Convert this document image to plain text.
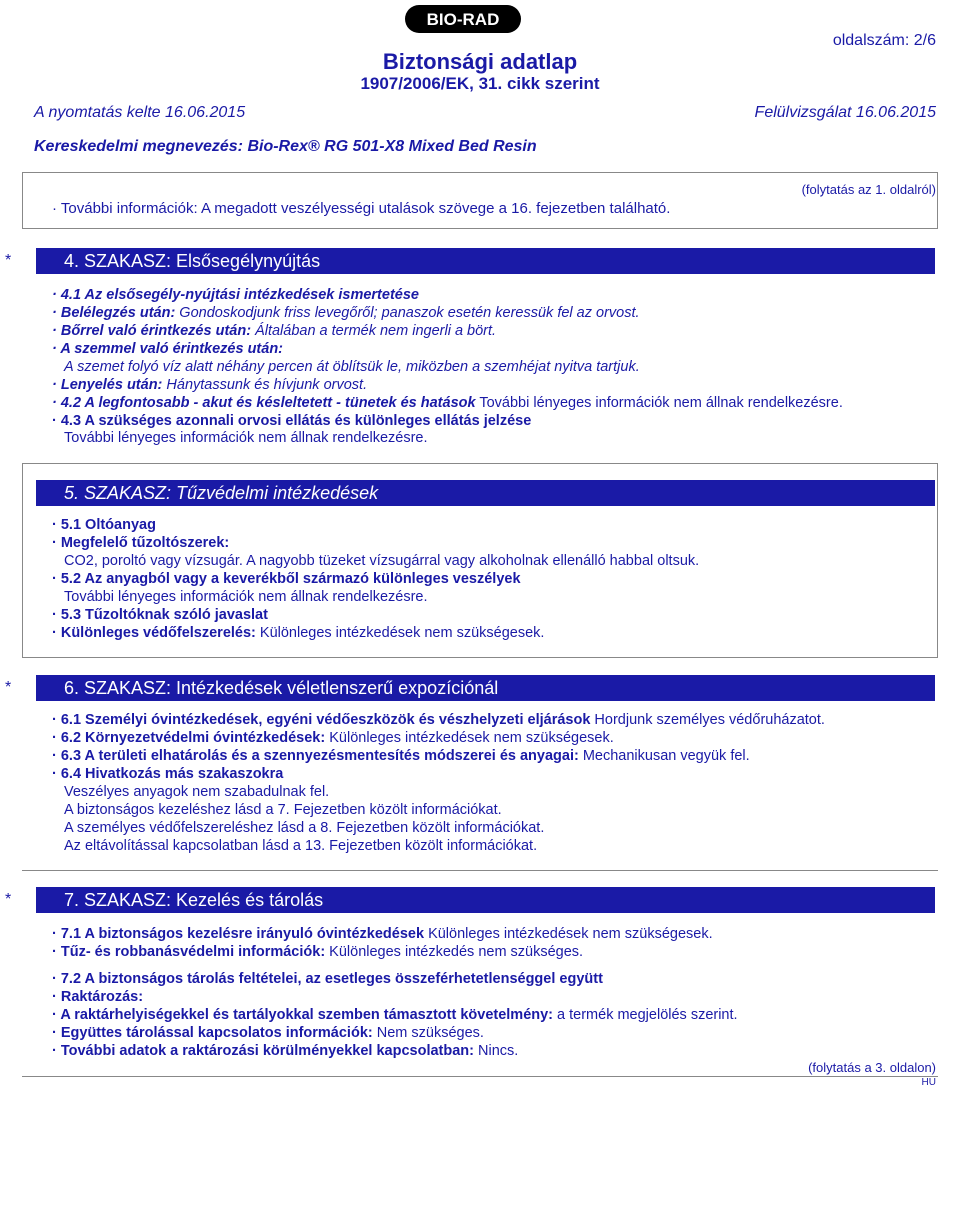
BIO-RAD
Biztonsági adatlap
1907/2006/EK, 31. cikk szerint
oldalszám: 2/6
A nyomtatás kelte 16.06.2015	Felülvizsgálat 16.06.2015
Kereskedelmi megnevezés: Bio-Rex® RG 501-X8 Mixed Bed Resin
(folytatás az 1. oldalról)
· További információk: A megadott veszélyességi utalások szövege a 16. fejezetben található.
*	4. SZAKASZ: Elsősegélynyújtás
· 4.1 Az elsősegély-nyújtási intézkedések ismertetése
· Belélegzés után: Gondoskodjunk friss levegőről; panaszok esetén keressük fel az orvost.
· Bőrrel való érintkezés után: Általában a termék nem ingerli a bört.
· A szemmel való érintkezés után:
A szemet folyó víz alatt néhány percen át öblítsük le, miközben a szemhéjat nyitva tartjuk.
· Lenyelés után: Hánytassunk és hívjunk orvost.
· 4.2 A legfontosabb - akut és késleltetett - tünetek és hatások További lényeges információk nem állnak rendelkezésre.
· 4.3 A szükséges azonnali orvosi ellátás és különleges ellátás jelzése
További lényeges információk nem állnak rendelkezésre.
5. SZAKASZ: Tűzvédelmi intézkedések
· 5.1 Oltóanyag
· Megfelelő tűzoltószerek:
CO2, poroltó vagy vízsugár. A nagyobb tüzeket vízsugárral vagy alkoholnak ellenálló habbal oltsuk.
· 5.2 Az anyagból vagy a keverékből származó különleges veszélyek
További lényeges információk nem állnak rendelkezésre.
· 5.3 Tűzoltóknak szóló javaslat
· Különleges védőfelszerelés: Különleges intézkedések nem szükségesek.
*	6. SZAKASZ: Intézkedések véletlenszerű expozíciónál
· 6.1 Személyi óvintézkedések, egyéni védőeszközök és vészhelyzeti eljárások Hordjunk személyes védőruházatot.
· 6.2 Környezetvédelmi óvintézkedések: Különleges intézkedések nem szükségesek.
· 6.3 A területi elhatárolás és a szennyezésmentesítés módszerei és anyagai: Mechanikusan vegyük fel.
· 6.4 Hivatkozás más szakaszokra
Veszélyes anyagok nem szabadulnak fel.
A biztonságos kezeléshez lásd a 7. Fejezetben közölt információkat.
A személyes védőfelszereléshez lásd a 8. Fejezetben közölt információkat.
Az eltávolítással kapcsolatban lásd a 13. Fejezetben közölt információkat.
*	7. SZAKASZ: Kezelés és tárolás
· 7.1 A biztonságos kezelésre irányuló óvintézkedések Különleges intézkedések nem szükségesek.
· Tűz- és robbanásvédelmi információk: Különleges intézkedés nem szükséges.
· 7.2 A biztonságos tárolás feltételei, az esetleges összeférhetetlenséggel együtt
· Raktározás:
· A raktárhelyiségekkel és tartályokkal szemben támasztott követelmény: a termék megjelölés szerint.
· Együttes tárolással kapcsolatos információk: Nem szükséges.
· További adatok a raktározási körülményekkel kapcsolatban: Nincs.
(folytatás a 3. oldalon)
HU
